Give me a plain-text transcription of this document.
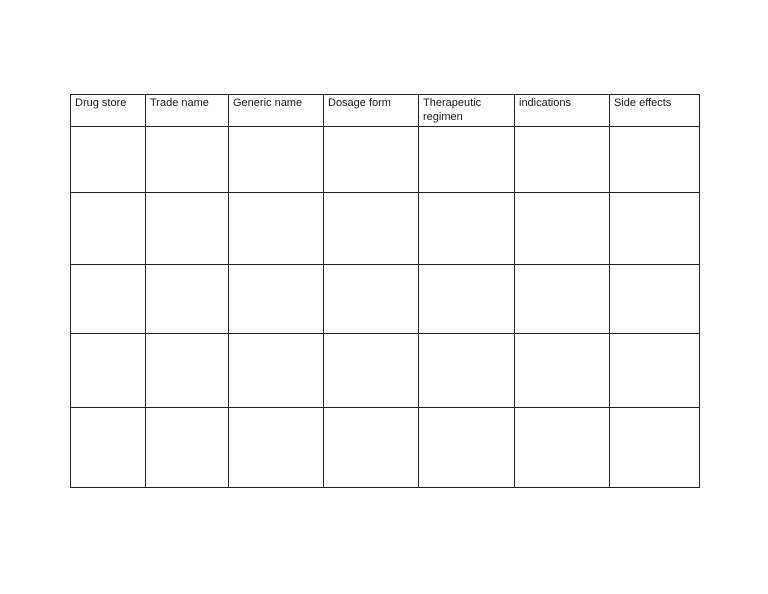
Drug store	Trade name	Generic name	Dosage form	Therapeutic regimen	indications	Side effects
